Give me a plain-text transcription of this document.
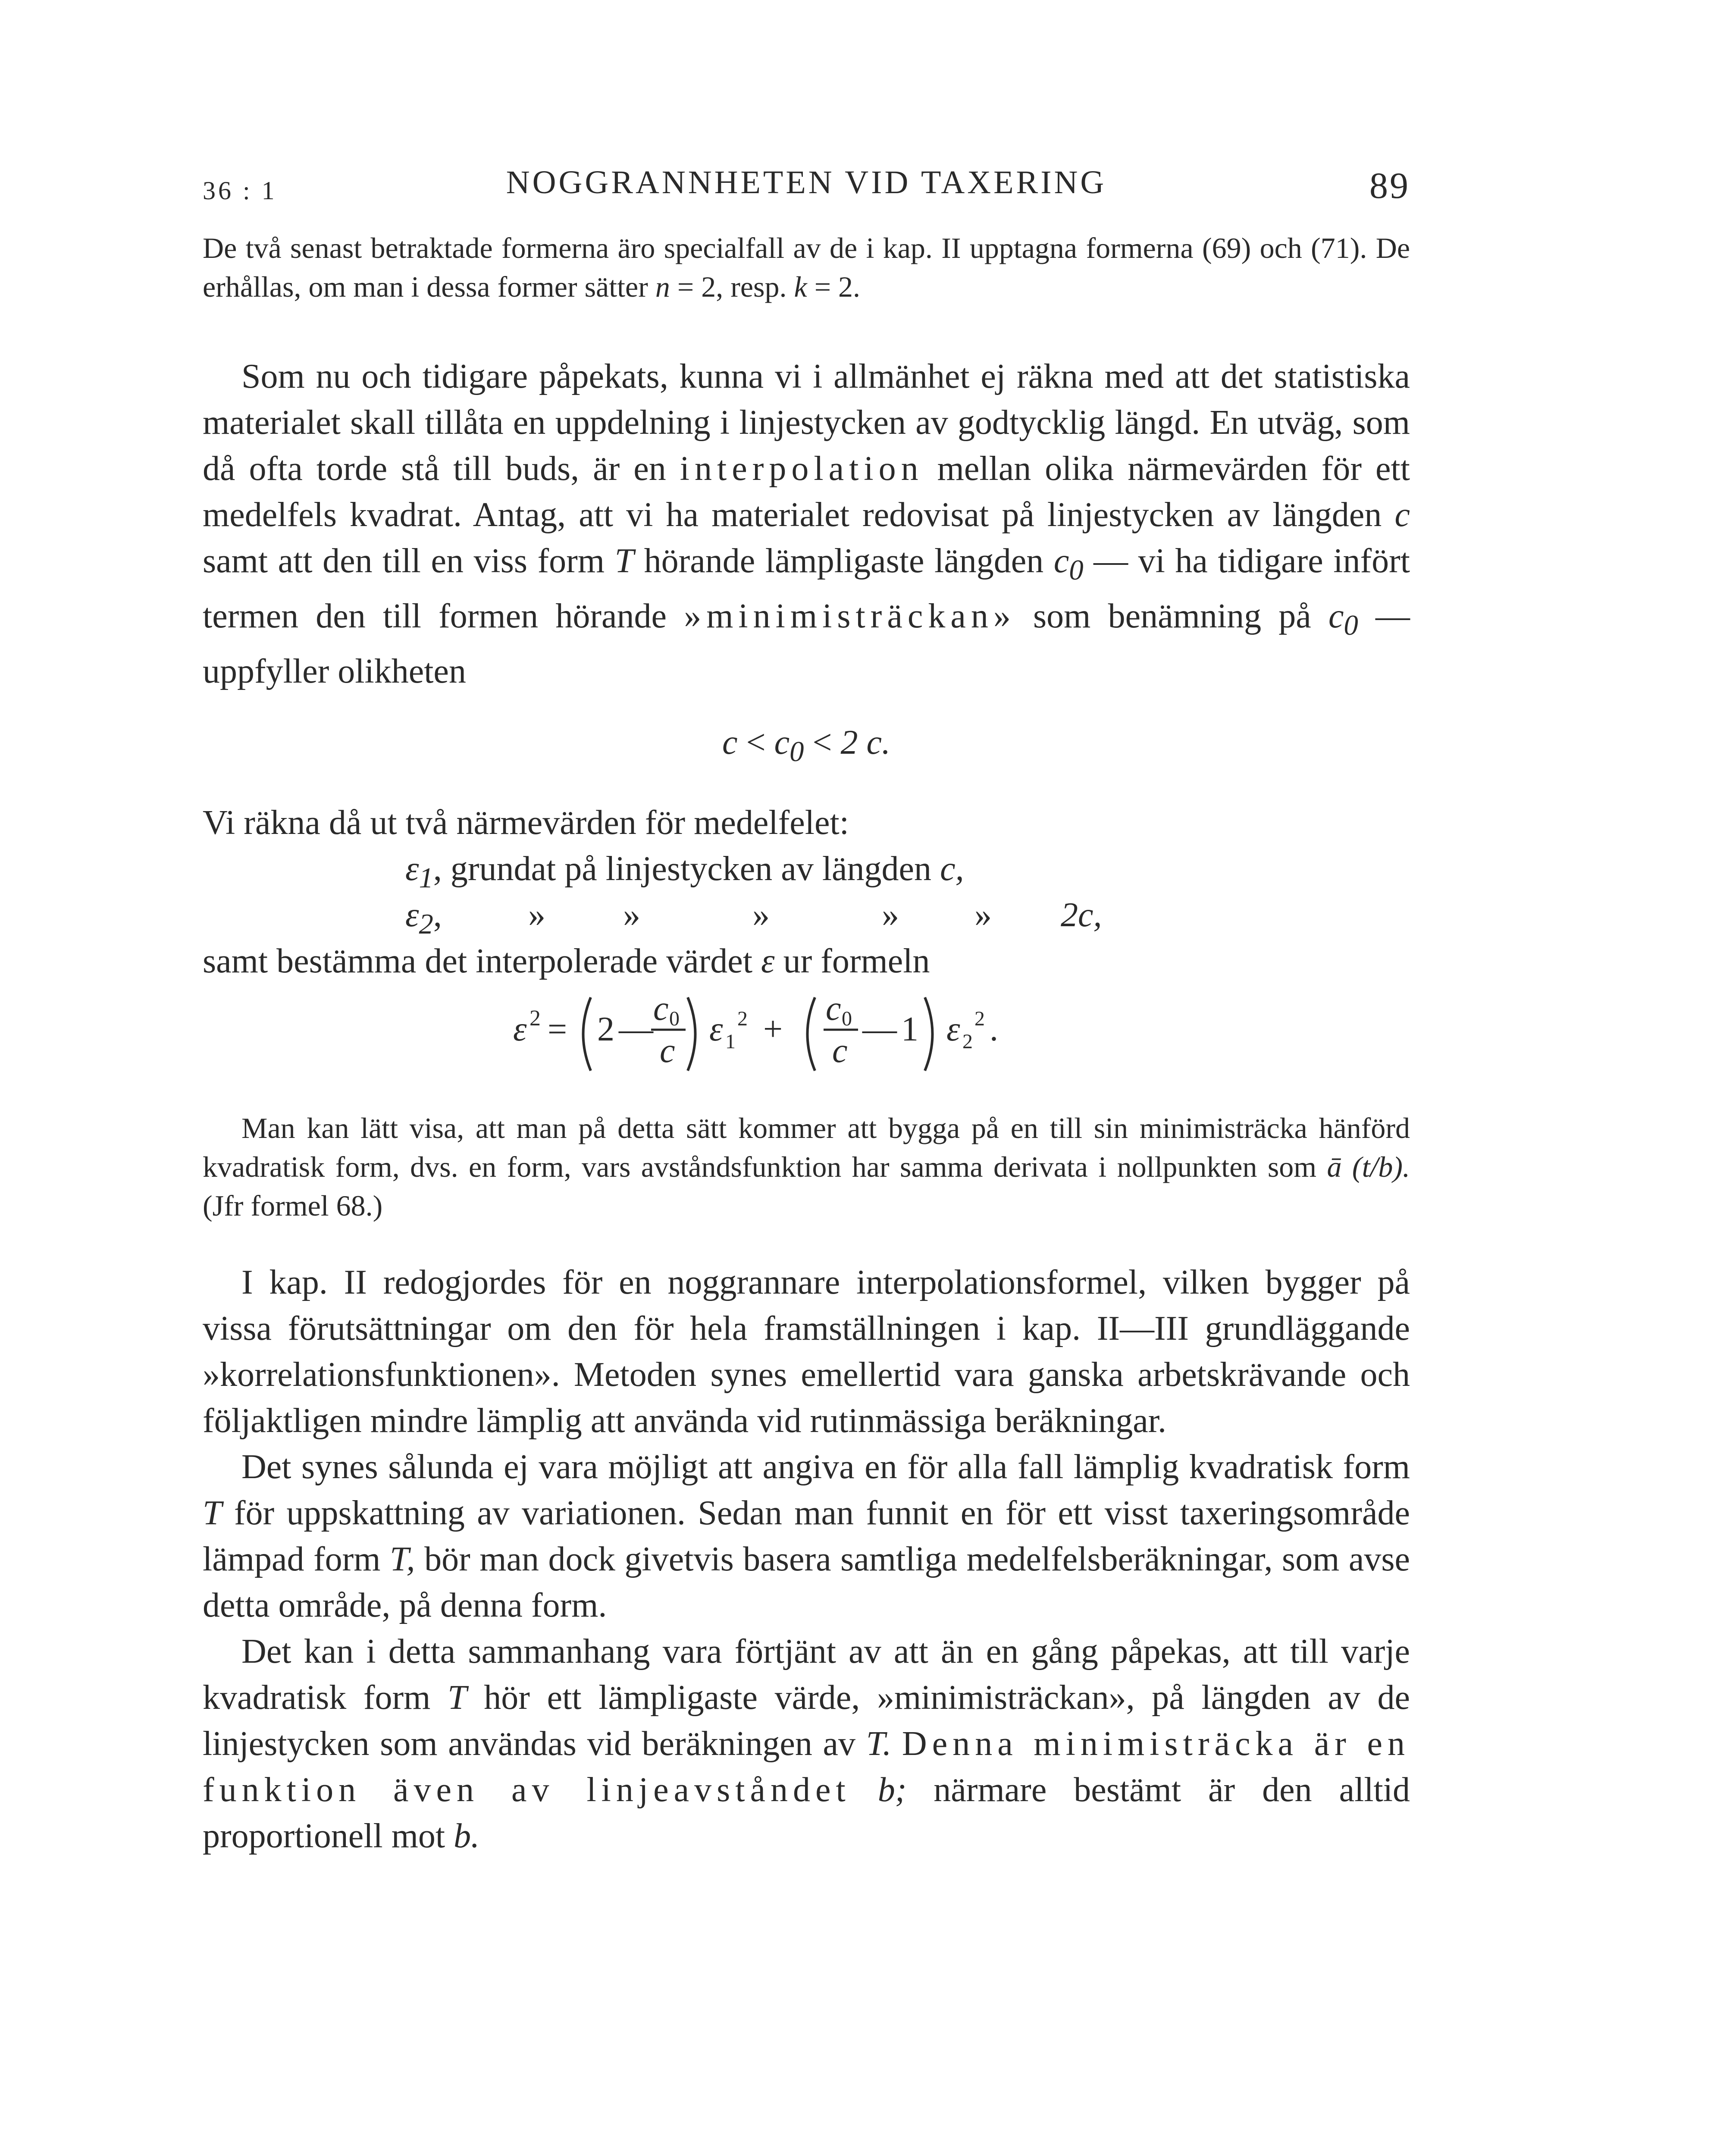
36 : 1	NOGGRANNHETEN VID TAXERING	89

De två senast betraktade formerna äro specialfall av de i kap. II upptagna formerna (69) och (71). De erhållas, om man i dessa former sätter n = 2, resp. k = 2.

Som nu och tidigare påpekats, kunna vi i allmänhet ej räkna med att det statistiska materialet skall tillåta en uppdelning i linjestycken av godtycklig längd. En utväg, som då ofta torde stå till buds, är en interpolation mellan olika närmevärden för ett medelfels kvadrat. Antag, att vi ha materialet redovisat på linjestycken av längden c samt att den till en viss form T hörande lämpligaste längden $c_0$ — vi ha tidigare infört termen den till formen hörande »minimisträckan» som benämning på $c_0$ — uppfyller olikheten

$c < c_0 < 2$ c.

Vi räkna då ut två närmevärden för medelfelet:

$\varepsilon_1$, grundat på linjestycken av längden c,
$\varepsilon_2$,	» »	»	» » 2c,

samt bestämma det interpolerade värdet ε ur formeln

ε 2 = 2 —
c 0
c
ε 1
2 +
c 0
c
— 1 ε 2
2 .

Man kan lätt visa, att man på detta sätt kommer att bygga på en till sin minimisträcka hänförd kvadratisk form, dvs. en form, vars avståndsfunktion har samma derivata i nollpunkten som ā (t/b). (Jfr formel 68.)

I kap. II redogjordes för en noggrannare interpolationsformel, vilken bygger på vissa förutsättningar om den för hela framställningen i kap. II—III grundläggande »korrelationsfunktionen». Metoden synes emellertid vara ganska arbetskrävande och följaktligen mindre lämplig att använda vid rutinmässiga beräkningar.

Det synes sålunda ej vara möjligt att angiva en för alla fall lämplig kvadratisk form T för uppskattning av variationen. Sedan man funnit en för ett visst taxeringsområde lämpad form T, bör man dock givetvis basera samtliga medelfelsberäkningar, som avse detta område, på denna form.

Det kan i detta sammanhang vara förtjänt av att än en gång påpekas, att till varje kvadratisk form T hör ett lämpligaste värde, »minimisträckan», på längden av de linjestycken som användas vid beräkningen av T. Denna minimisträcka är en funktion även av linjeavståndet b; närmare bestämt är den alltid proportionell mot b.
